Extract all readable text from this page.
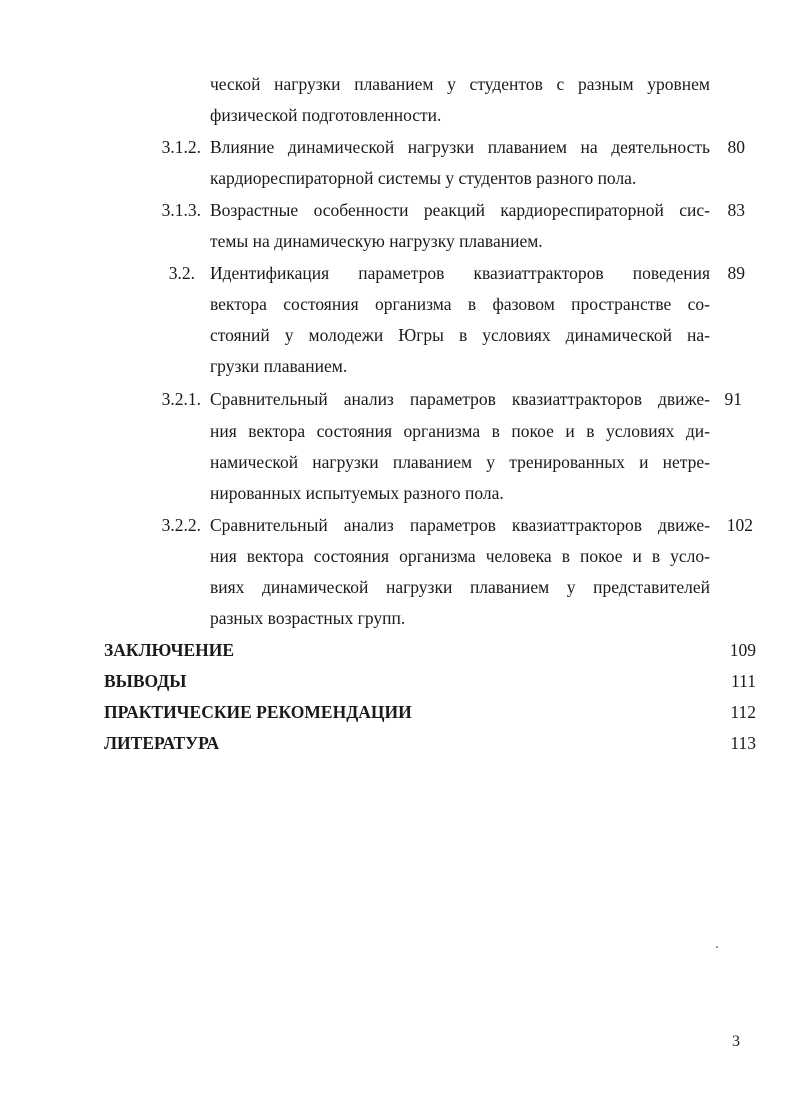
ческой нагрузки плаванием у студентов с разным уровнем
физической подготовленности.
3.1.2. Влияние динамической нагрузки плаванием на деятельность
кардиореспираторной системы у студентов разного пола.
80
3.1.3. Возрастные особенности реакций кардиореспираторной сис-
темы на динамическую нагрузку плаванием.
83
3.2. Идентификация параметров квазиаттракторов поведения
вектора состояния организма в фазовом пространстве со-
стояний у молодежи Югры в условиях динамической на-
грузки плаванием.
89
3.2.1. Сравнительный анализ параметров квазиаттракторов движе-
ния вектора состояния организма в покое и в условиях ди-
намической нагрузки плаванием у тренированных и нетре-
нированных испытуемых разного пола.
91
3.2.2. Сравнительный анализ параметров квазиаттракторов движе-
ния вектора состояния организма человека в покое и в усло-
виях динамической нагрузки плаванием у представителей
разных возрастных групп.
102
ЗАКЛЮЧЕНИЕ	109
ВЫВОДЫ	111
ПРАКТИЧЕСКИЕ РЕКОМЕНДАЦИИ	112
ЛИТЕРАТУРА	113
3
